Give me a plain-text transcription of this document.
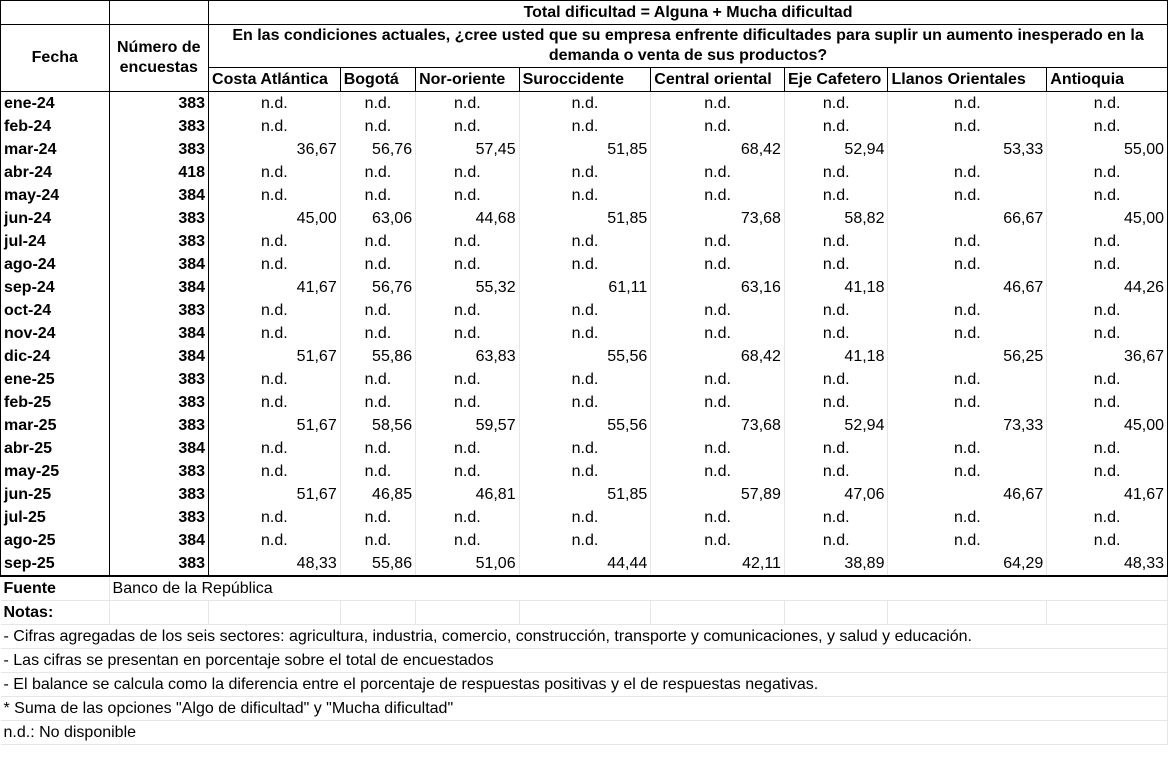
		Total dificultad = Alguna + Mucha dificultad							
Fecha	Número de encuestas	En las condiciones actuales, ¿cree usted que su empresa enfrente dificultades para suplir un aumento inesperado en la demanda o venta de sus productos?							
		Costa Atlántica	Bogotá	Nor-oriente	Suroccidente	Central oriental	Eje Cafetero	Llanos Orientales	Antioquia
ene-24	383	n.d.	n.d.	n.d.	n.d.	n.d.	n.d.	n.d.	n.d.
feb-24	383	n.d.	n.d.	n.d.	n.d.	n.d.	n.d.	n.d.	n.d.
mar-24	383	36,67	56,76	57,45	51,85	68,42	52,94	53,33	55,00
abr-24	418	n.d.	n.d.	n.d.	n.d.	n.d.	n.d.	n.d.	n.d.
may-24	384	n.d.	n.d.	n.d.	n.d.	n.d.	n.d.	n.d.	n.d.
jun-24	383	45,00	63,06	44,68	51,85	73,68	58,82	66,67	45,00
jul-24	383	n.d.	n.d.	n.d.	n.d.	n.d.	n.d.	n.d.	n.d.
ago-24	384	n.d.	n.d.	n.d.	n.d.	n.d.	n.d.	n.d.	n.d.
sep-24	384	41,67	56,76	55,32	61,11	63,16	41,18	46,67	44,26
oct-24	383	n.d.	n.d.	n.d.	n.d.	n.d.	n.d.	n.d.	n.d.
nov-24	384	n.d.	n.d.	n.d.	n.d.	n.d.	n.d.	n.d.	n.d.
dic-24	384	51,67	55,86	63,83	55,56	68,42	41,18	56,25	36,67
ene-25	383	n.d.	n.d.	n.d.	n.d.	n.d.	n.d.	n.d.	n.d.
feb-25	383	n.d.	n.d.	n.d.	n.d.	n.d.	n.d.	n.d.	n.d.
mar-25	383	51,67	58,56	59,57	55,56	73,68	52,94	73,33	45,00
abr-25	384	n.d.	n.d.	n.d.	n.d.	n.d.	n.d.	n.d.	n.d.
may-25	383	n.d.	n.d.	n.d.	n.d.	n.d.	n.d.	n.d.	n.d.
jun-25	383	51,67	46,85	46,81	51,85	57,89	47,06	46,67	41,67
jul-25	383	n.d.	n.d.	n.d.	n.d.	n.d.	n.d.	n.d.	n.d.
ago-25	384	n.d.	n.d.	n.d.	n.d.	n.d.	n.d.	n.d.	n.d.
sep-25	383	48,33	55,86	51,06	44,44	42,11	38,89	64,29	48,33
Fuente	Banco de la República								
Notas:									
- Cifras agregadas de los seis sectores: agricultura, industria, comercio, construcción, transporte y comunicaciones, y salud y educación.									
- Las cifras se presentan en porcentaje sobre el total de encuestados									
- El balance se calcula como la diferencia entre el porcentaje de respuestas positivas y el de respuestas negativas.									
* Suma de las opciones "Algo de dificultad" y "Mucha dificultad"									
n.d.: No disponible									
